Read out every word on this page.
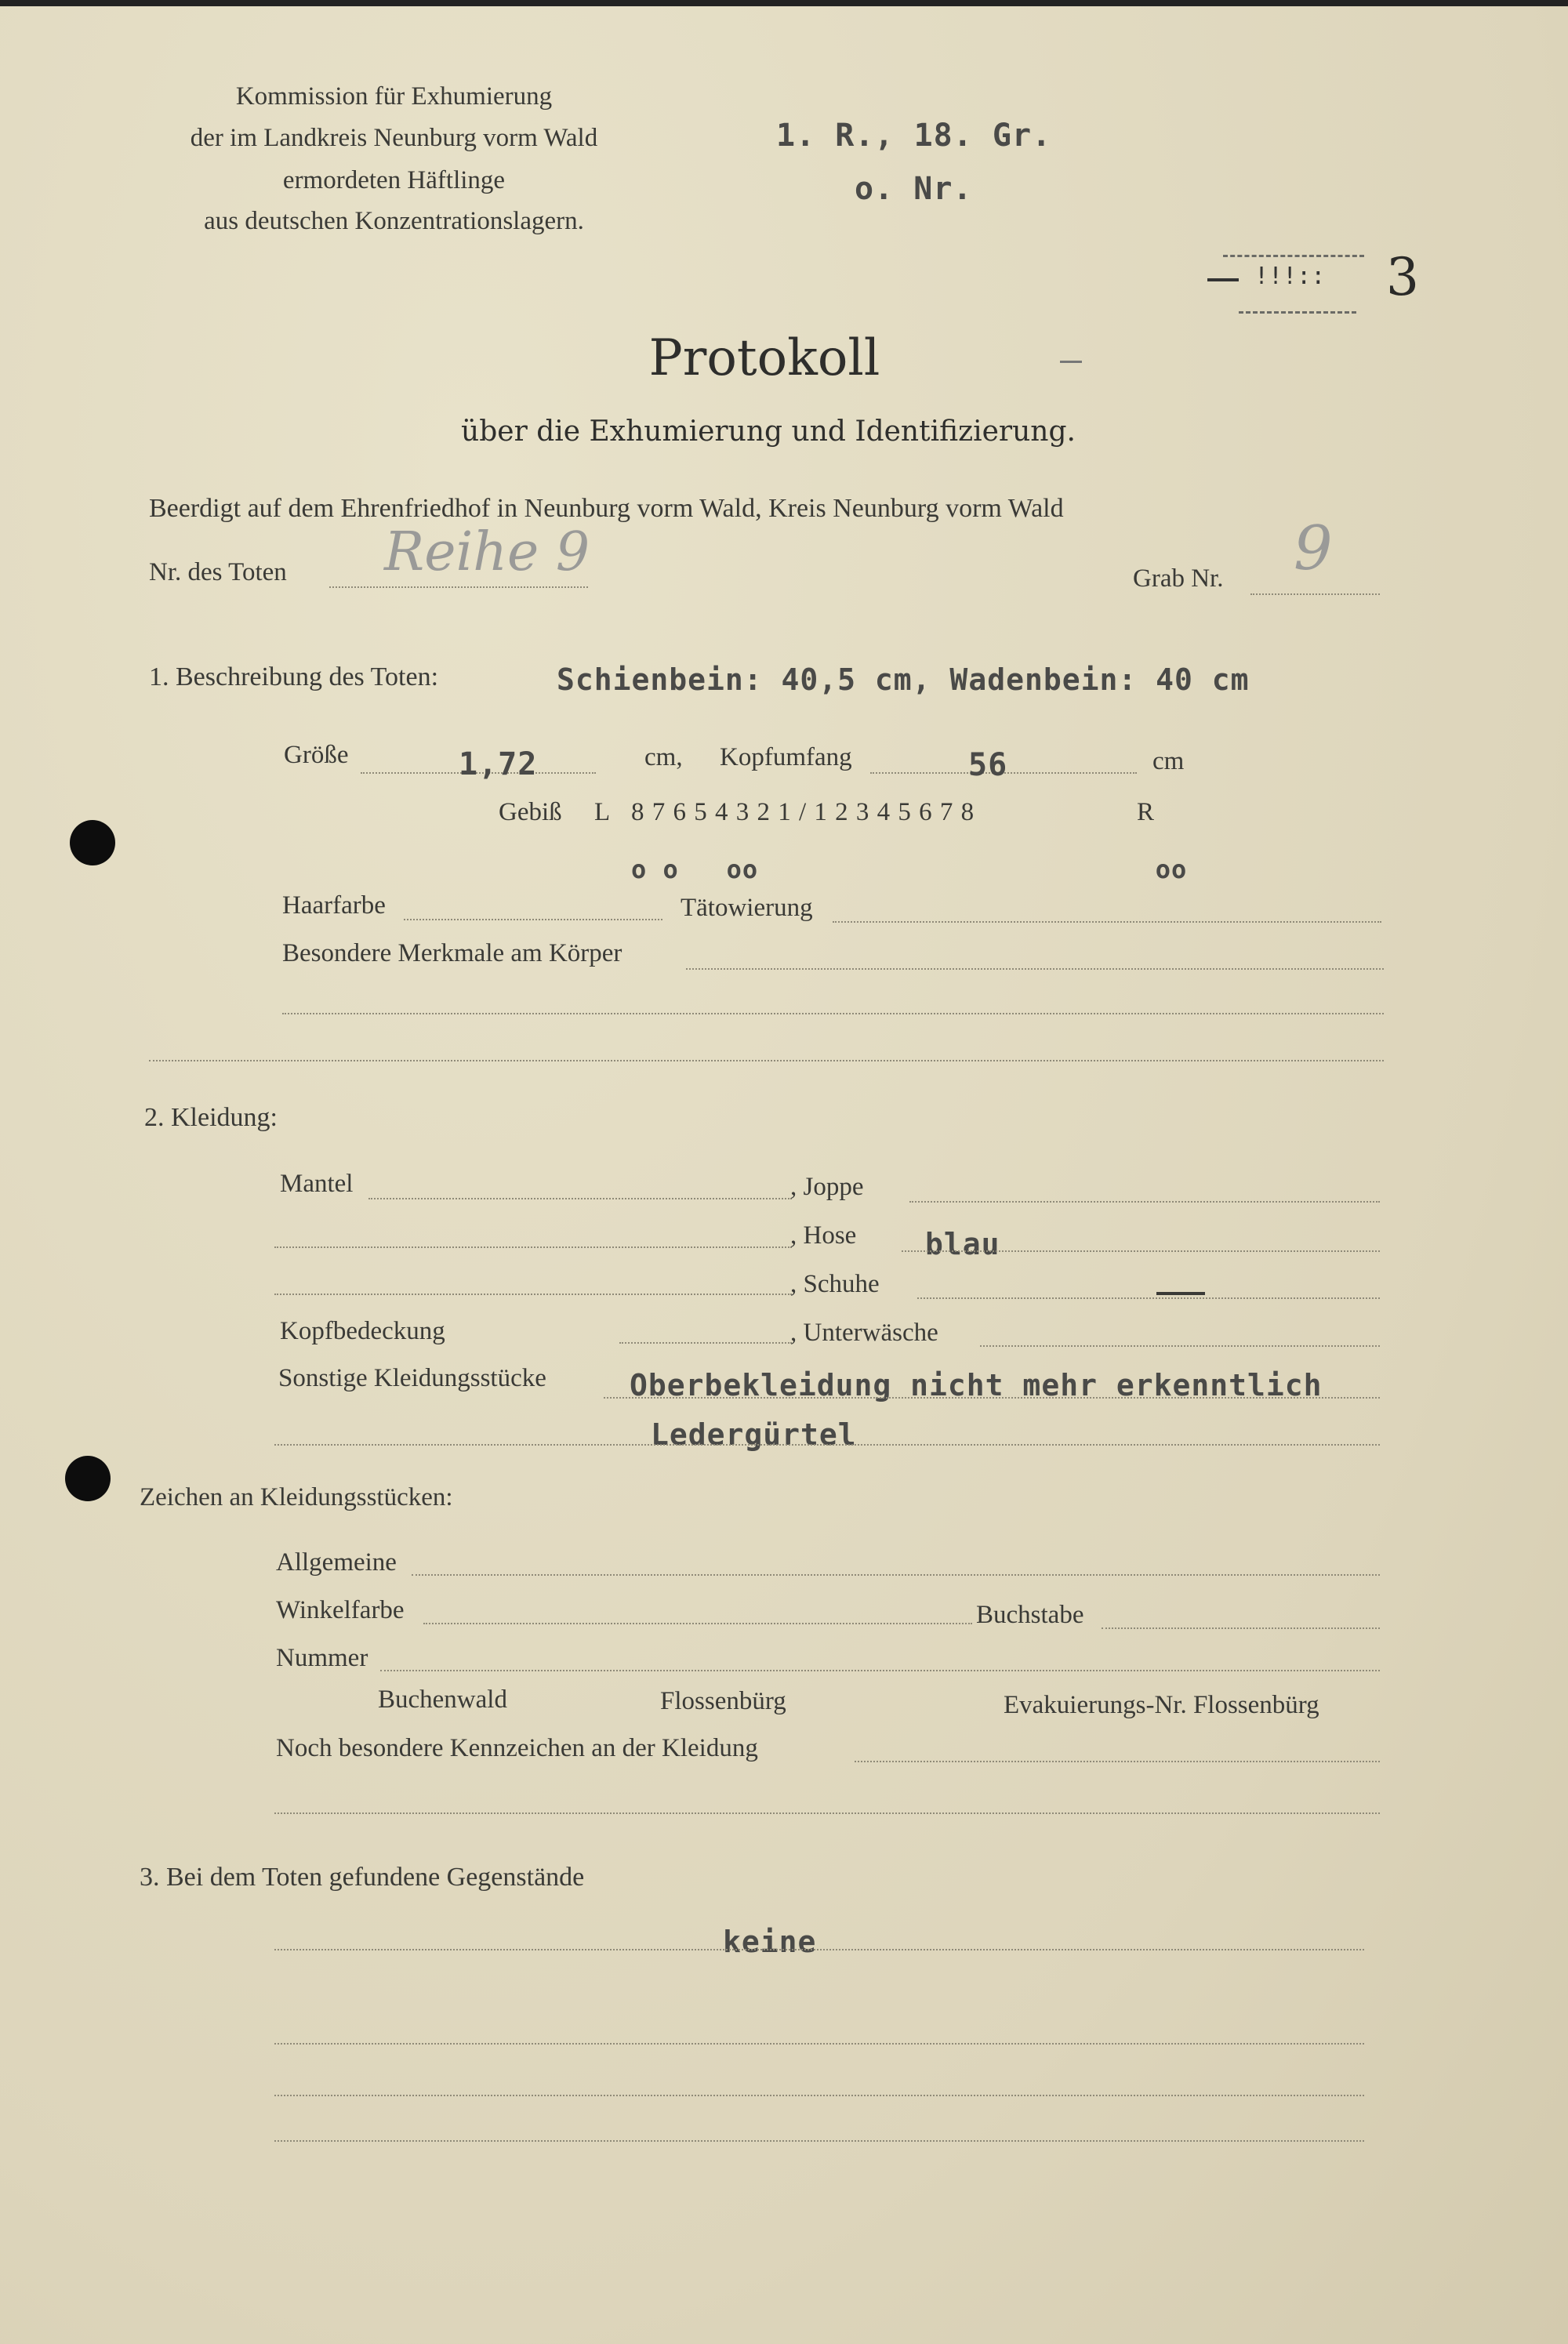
Kommission für Exhumierung
der im Landkreis Neunburg vorm Wald
ermordeten Häftlinge
aus deutschen Konzentrationslagern.
1. R., 18. Gr.
o. Nr.
!!!:: 3
Protokoll
über die Exhumierung und Identifizierung.
Beerdigt auf dem Ehrenfriedhof in Neunburg vorm Wald, Kreis Neunburg vorm Wald
Nr. des Toten Reihe 9	Grab Nr. 9
1. Beschreibung des Toten:	Schienbein: 40,5 cm, Wadenbein: 40 cm
Größe	1,72	cm, Kopfumfang	56	cm
Gebiß L 8 7 6 5 4 3 2 1 / 1 2 3 4 5 6 7 8	R
o o   oo                         oo
Haarfarbe	Tätowierung
Besondere Merkmale am Körper
2. Kleidung:
Mantel	, Joppe
, Hose blau
, Schuhe
Kopfbedeckung	, Unterwäsche
Sonstige Kleidungsstücke	Oberbekleidung nicht mehr erkenntlich
Ledergürtel
Zeichen an Kleidungsstücken:
Allgemeine
Winkelfarbe	Buchstabe
Nummer
Buchenwald	Flossenbürg	Evakuierungs-Nr. Flossenbürg
Noch besondere Kennzeichen an der Kleidung
3. Bei dem Toten gefundene Gegenstände
keine
